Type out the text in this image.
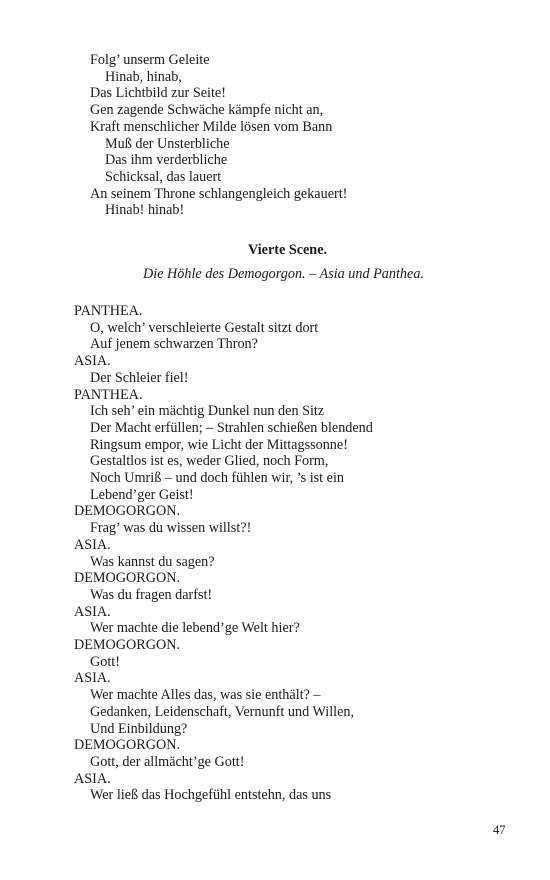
Folg’ unserm Geleite
Hinab, hinab,
Das Lichtbild zur Seite!
Gen zagende Schwäche kämpfe nicht an,
Kraft menschlicher Milde lösen vom Bann
Muß der Unsterbliche
Das ihm verderbliche
Schicksal, das lauert
An seinem Throne schlangengleich gekauert!
Hinab! hinab!
Vierte Scene.
Die Höhle des Demogorgon. – Asia und Panthea.
PANTHEA.
O, welch’ verschleierte Gestalt sitzt dort
Auf jenem schwarzen Thron?
ASIA.
Der Schleier fiel!
PANTHEA.
Ich seh’ ein mächtig Dunkel nun den Sitz
Der Macht erfüllen; – Strahlen schießen blendend
Ringsum empor, wie Licht der Mittagssonne!
Gestaltlos ist es, weder Glied, noch Form,
Noch Umriß – und doch fühlen wir, ’s ist ein
Lebend’ger Geist!
DEMOGORGON.
Frag’ was du wissen willst?!
ASIA.
Was kannst du sagen?
DEMOGORGON.
Was du fragen darfst!
ASIA.
Wer machte die lebend’ge Welt hier?
DEMOGORGON.
Gott!
ASIA.
Wer machte Alles das, was sie enthält? –
Gedanken, Leidenschaft, Vernunft und Willen,
Und Einbildung?
DEMOGORGON.
Gott, der allmächt’ge Gott!
ASIA.
Wer ließ das Hochgefühl entstehn, das uns
47
